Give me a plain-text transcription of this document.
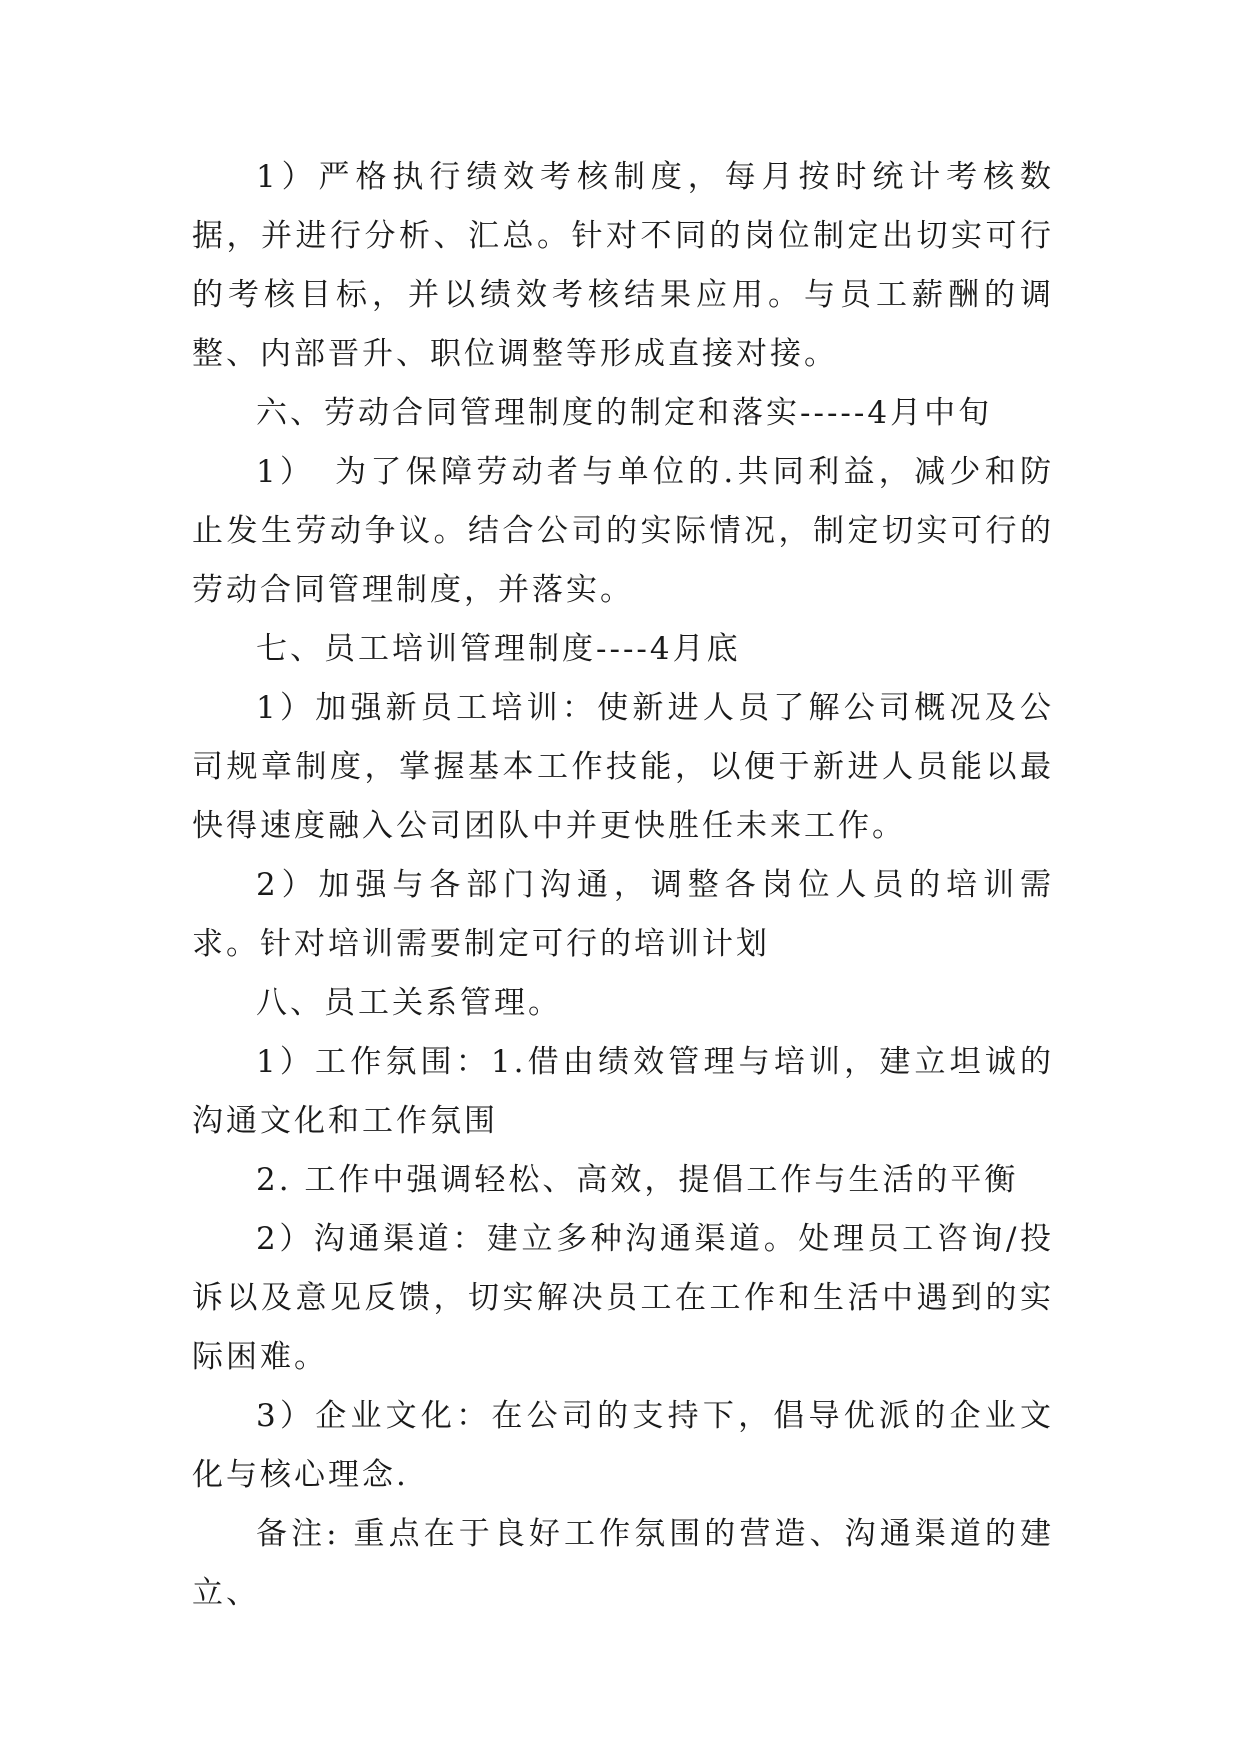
1）严格执行绩效考核制度，每月按时统计考核数据，并进行分析、汇总。针对不同的岗位制定出切实可行的考核目标，并以绩效考核结果应用。与员工薪酬的调整、内部晋升、职位调整等形成直接对接。

六、劳动合同管理制度的制定和落实-----4月中旬

1）　为了保障劳动者与单位的.共同利益，减少和防止发生劳动争议。结合公司的实际情况，制定切实可行的劳动合同管理制度，并落实。

七、员工培训管理制度----4月底

1）加强新员工培训：使新进人员了解公司概况及公司规章制度，掌握基本工作技能，以便于新进人员能以最快得速度融入公司团队中并更快胜任未来工作。

2）加强与各部门沟通，调整各岗位人员的培训需求。针对培训需要制定可行的培训计划

八、员工关系管理。

1）工作氛围：1.借由绩效管理与培训，建立坦诚的沟通文化和工作氛围

2. 工作中强调轻松、高效，提倡工作与生活的平衡

2）沟通渠道：建立多种沟通渠道。处理员工咨询/投诉以及意见反馈，切实解决员工在工作和生活中遇到的实际困难。

3）企业文化：在公司的支持下，倡导优派的企业文化与核心理念.

备注: 重点在于良好工作氛围的营造、沟通渠道的建立、
